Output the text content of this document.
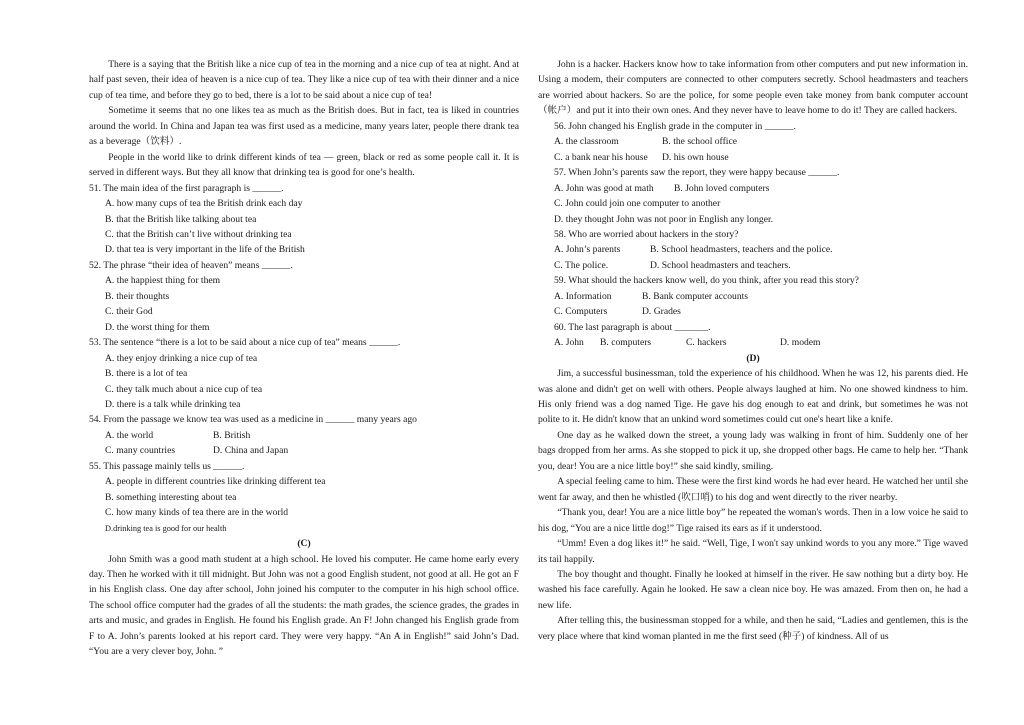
There is a saying that the British like a nice cup of tea in the morning and a nice cup of tea at night. And at half past seven, their idea of heaven is a nice cup of tea. They like a nice cup of tea with their dinner and a nice cup of tea time, and before they go to bed, there is a lot to be said about a nice cup of tea!

Sometime it seems that no one likes tea as much as the British does. But in fact, tea is liked in countries around the world. In China and Japan tea was first used as a medicine, many years later, people there drank tea as a beverage（饮料）.

People in the world like to drink different kinds of tea — green, black or red as some people call it. It is served in different ways. But they all know that drinking tea is good for one’s health.

51. The main idea of the first paragraph is ______.

A. how many cups of tea the British drink each day

B. that the British like talking about tea

C. that the British can’t live without drinking tea

D. that tea is very important in the life of the British

52. The phrase “their idea of heaven” means ______.

A. the happiest thing for them

B. their thoughts

C. their God

D. the worst thing for them

53. The sentence “there is a lot to be said about a nice cup of tea” means ______.

A. they enjoy drinking a nice cup of tea

B. there is a lot of tea

C. they talk much about a nice cup of tea

D. there is a talk while drinking tea

54. From the passage we know tea was used as a medicine in ______ many years ago

A. the world	B. British

C. many countries	D. China and Japan

55. This passage mainly tells us ______.

A. people in different countries like drinking different tea

B. something interesting about tea

C. how many kinds of tea there are in the world

D.drinking tea is good for our health

(C)

John Smith was a good math student at a high school. He loved his computer. He came home early every day. Then he worked with it till midnight. But John was not a good English student, not good at all. He got an F in his English class. One day after school, John joined his computer to the computer in his high school office. The school office computer had the grades of all the students: the math grades, the science grades, the grades in arts and music, and grades in English. He found his English grade. An F! John changed his English grade from F to A. John’s parents looked at his report card. They were very happy. “An A in English!” said John’s Dad. “You are a very clever boy, John. ”

John is a hacker. Hackers know how to take information from other computers and put new information in. Using a modem, their computers are connected to other computers secretly. School headmasters and teachers are worried about hackers. So are the police, for some people even take money from bank computer account（帐户）and put it into their own ones. And they never have to leave home to do it! They are called hackers.

56. John changed his English grade in the computer in ______.

A. the classroom	B. the school office

C. a bank near his house D. his own house

57. When John’s parents saw the report, they were happy because ______.

A. John was good at math B. John loved computers

C. John could join one computer to another

D. they thought John was not poor in English any longer.

58. Who are worried about hackers in the story?

A. John’s parents	B. School headmasters, teachers and the police.

C. The police.	D. School headmasters and teachers.

59. What should the hackers know well, do you think, after you read this story?

A. Information	B. Bank computer accounts

C. Computers	D. Grades

60. The last paragraph is about _______.

A. John B. computers	C. hackers	D. modem

(D)

Jim, a successful businessman, told the experience of his childhood. When he was 12, his parents died. He was alone and didn't get on well with others. People always laughed at him. No one showed kindness to him. His only friend was a dog named Tige. He gave his dog enough to eat and drink, but sometimes he was not polite to it. He didn't know that an unkind word sometimes could cut one's heart like a knife.

One day as he walked down the street, a young lady was walking in front of him. Suddenly one of her bags dropped from her arms. As she stopped to pick it up, she dropped other bags. He came to help her. “Thank you, dear! You are a nice little boy!” she said kindly, smiling.

A special feeling came to him. These were the first kind words he had ever heard. He watched her until she went far away, and then he whistled (吹口哨) to his dog and went directly to the river nearby.

“Thank you, dear! You are a nice little boy” he repeated the woman's words. Then in a low voice he said to his dog, “You are a nice little dog!” Tige raised its ears as if it understood.

“Umm! Even a dog likes it!” he said. “Well, Tige, I won't say unkind words to you any more.” Tige waved its tail happily.

The boy thought and thought. Finally he looked at himself in the river. He saw nothing but a dirty boy. He washed his face carefully. Again he looked. He saw a clean nice boy. He was amazed. From then on, he had a new life.

After telling this, the businessman stopped for a while, and then he said, “Ladies and gentlemen, this is the very place where that kind woman planted in me the first seed (种子) of kindness. All of us
